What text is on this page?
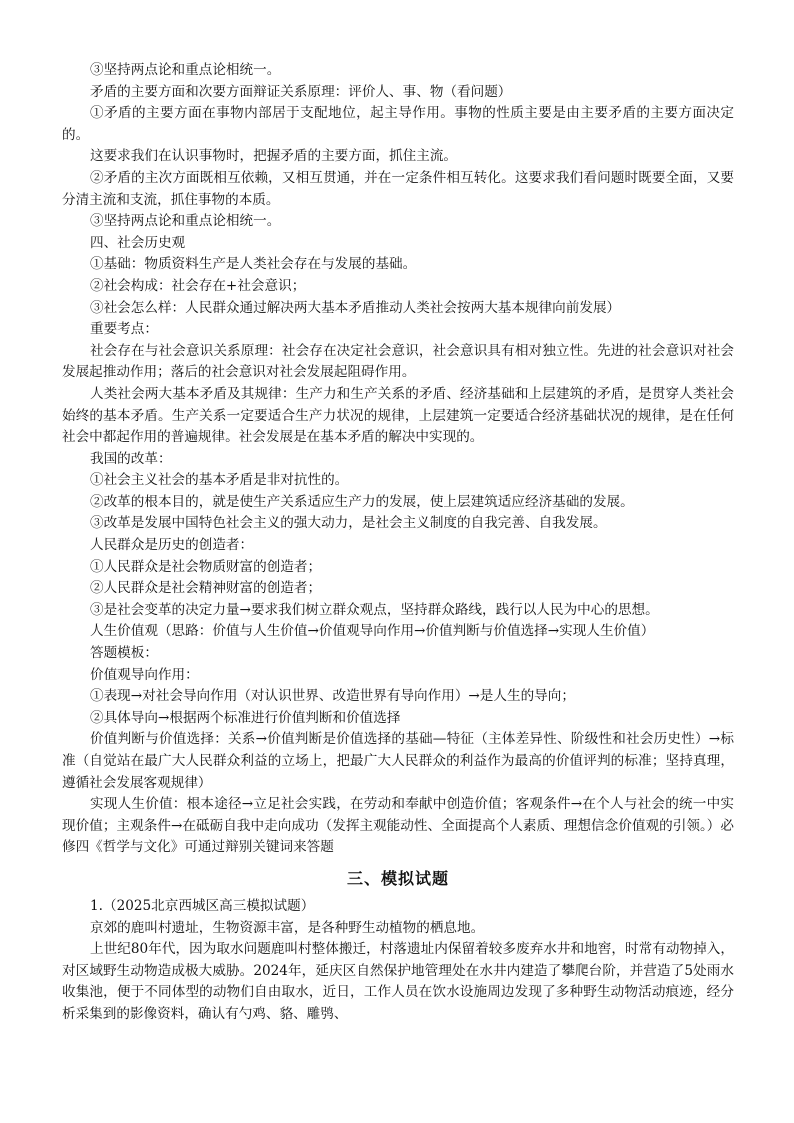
③坚持两点论和重点论相统一。

矛盾的主要方面和次要方面辩证关系原理：评价人、事、物（看问题）

①矛盾的主要方面在事物内部居于支配地位，起主导作用。事物的性质主要是由主要矛盾的主要方面决定的。

这要求我们在认识事物时，把握矛盾的主要方面，抓住主流。

②矛盾的主次方面既相互依赖，又相互贯通，并在一定条件相互转化。这要求我们看问题时既要全面，又要分清主流和支流，抓住事物的本质。

③坚持两点论和重点论相统一。

四、社会历史观

①基础：物质资料生产是人类社会存在与发展的基础。

②社会构成：社会存在+社会意识；

③社会怎么样：人民群众通过解决两大基本矛盾推动人类社会按两大基本规律向前发展）

重要考点：

社会存在与社会意识关系原理：社会存在决定社会意识，社会意识具有相对独立性。先进的社会意识对社会发展起推动作用；落后的社会意识对社会发展起阻碍作用。

人类社会两大基本矛盾及其规律：生产力和生产关系的矛盾、经济基础和上层建筑的矛盾，是贯穿人类社会始终的基本矛盾。生产关系一定要适合生产力状况的规律，上层建筑一定要适合经济基础状况的规律，是在任何社会中都起作用的普遍规律。社会发展是在基本矛盾的解决中实现的。

我国的改革：

①社会主义社会的基本矛盾是非对抗性的。

②改革的根本目的，就是使生产关系适应生产力的发展，使上层建筑适应经济基础的发展。

③改革是发展中国特色社会主义的强大动力，是社会主义制度的自我完善、自我发展。

人民群众是历史的创造者：

①人民群众是社会物质财富的创造者；

②人民群众是社会精神财富的创造者；

③是社会变革的决定力量→要求我们树立群众观点，坚持群众路线，践行以人民为中心的思想。

人生价值观（思路：价值与人生价值→价值观导向作用→价值判断与价值选择→实现人生价值）

答题模板：

价值观导向作用：

①表现→对社会导向作用（对认识世界、改造世界有导向作用）→是人生的导向；

②具体导向→根据两个标准进行价值判断和价值选择

价值判断与价值选择：关系→价值判断是价值选择的基础—特征（主体差异性、阶级性和社会历史性）→标准（自觉站在最广大人民群众利益的立场上，把最广大人民群众的利益作为最高的价值评判的标准；坚持真理，遵循社会发展客观规律）

实现人生价值：根本途径→立足社会实践，在劳动和奉献中创造价值；客观条件→在个人与社会的统一中实现价值；主观条件→在砥砺自我中走向成功（发挥主观能动性、全面提高个人素质、理想信念价值观的引领。）必修四《哲学与文化》可通过辩别关键词来答题

三、模拟试题

1.（2025北京西城区高三模拟试题）

京郊的鹿叫村遗址，生物资源丰富，是各种野生动植物的栖息地。

上世纪80年代，因为取水问题鹿叫村整体搬迁，村落遗址内保留着较多废弃水井和地窖，时常有动物掉入，对区域野生动物造成极大威胁。2024年，延庆区自然保护地管理处在水井内建造了攀爬台阶，并营造了5处雨水收集池，便于不同体型的动物们自由取水，近日，工作人员在饮水设施周边发现了多种野生动物活动痕迹，经分析采集到的影像资料，确认有勺鸡、貉、雕鸮、
